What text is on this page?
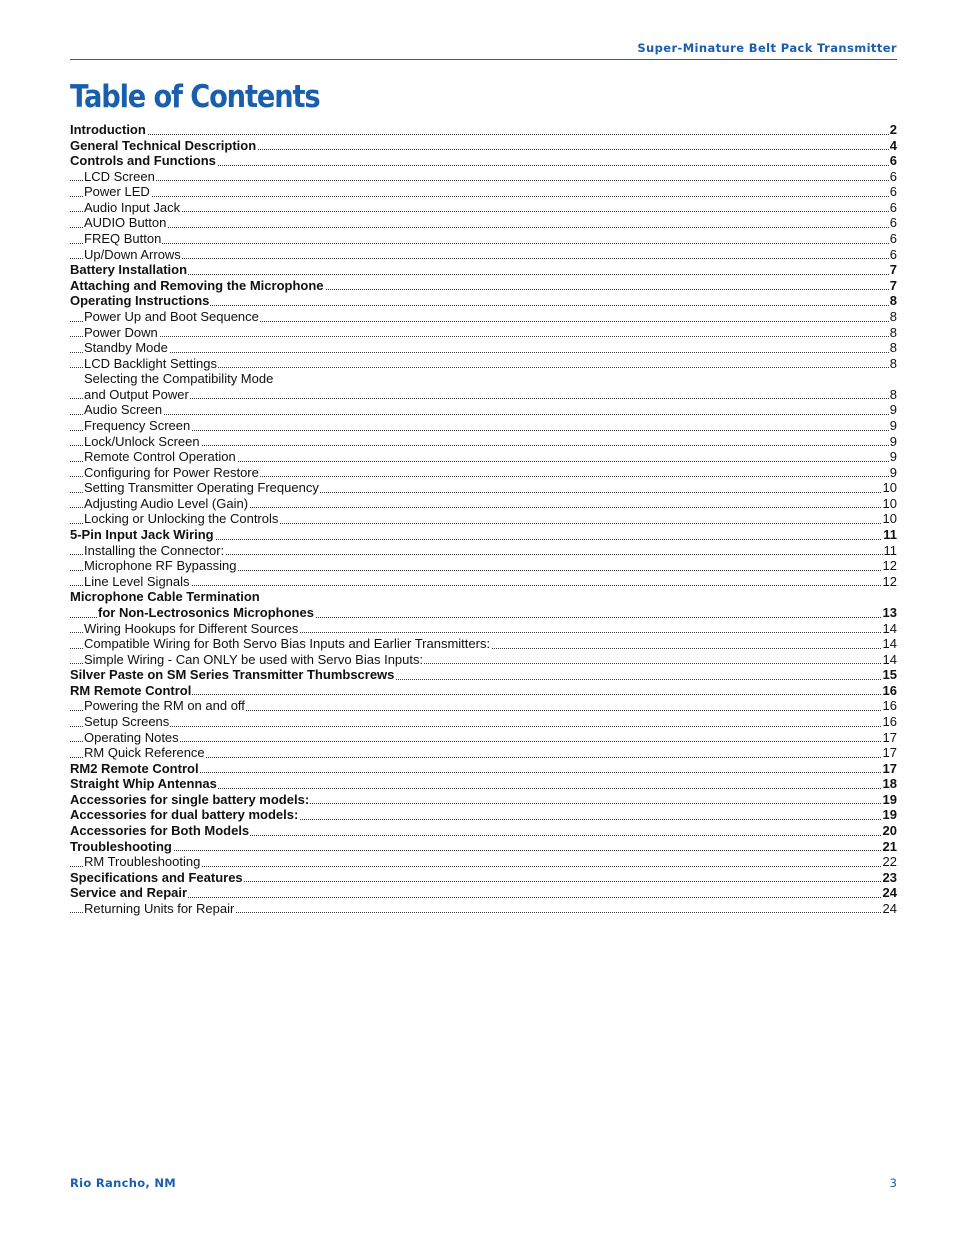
Super-Minature Belt Pack Transmitter
Table of Contents
Introduction	2
General Technical Description	4
Controls and Functions	6
LCD Screen	6
Power LED	6
Audio Input Jack	6
AUDIO Button	6
FREQ Button	6
Up/Down Arrows	6
Battery Installation	7
Attaching and Removing the Microphone	7
Operating Instructions	8
Power Up and Boot Sequence	8
Power Down	8
Standby Mode	8
LCD Backlight Settings	8
Selecting the Compatibility Mode
and Output Power	8
Audio Screen	9
Frequency Screen	9
Lock/Unlock Screen	9
Remote Control Operation	9
Configuring for Power Restore	9
Setting Transmitter Operating Frequency	10
Adjusting Audio Level (Gain)	10
Locking or Unlocking the Controls	10
5-Pin Input Jack Wiring	11
Installing the Connector:	11
Microphone RF Bypassing	12
Line Level Signals	12
Microphone Cable Termination
for Non-Lectrosonics Microphones	13
Wiring Hookups for Different Sources	14
Compatible Wiring for Both Servo Bias Inputs and Earlier Transmitters:	14
Simple Wiring - Can ONLY be used with Servo Bias Inputs:	14
Silver Paste on SM Series Transmitter Thumbscrews	15
RM Remote Control	16
Powering the RM on and off	16
Setup Screens	16
Operating Notes	17
RM Quick Reference	17
RM2 Remote Control	17
Straight Whip Antennas	18
Accessories for single battery models:	19
Accessories for dual battery models:	19
Accessories for Both Models	20
Troubleshooting	21
RM Troubleshooting	22
Specifications and Features	23
Service and Repair	24
Returning Units for Repair	24
Rio Rancho, NM	3
